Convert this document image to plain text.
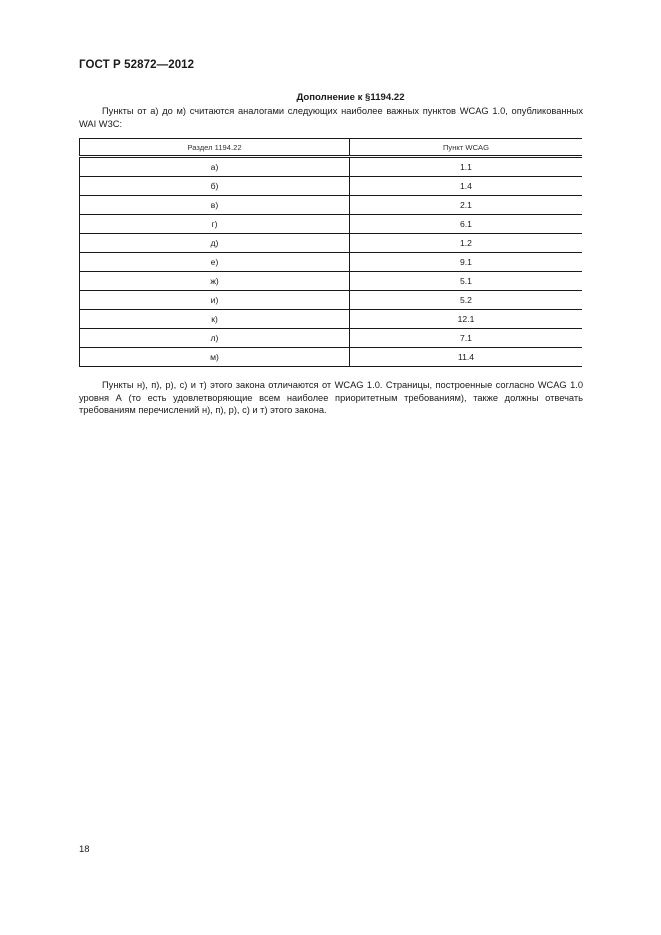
ГОСТ Р 52872—2012
Дополнение к §1194.22
Пункты от а) до м) считаются аналогами следующих наиболее важных пунктов WCAG 1.0, опубликованных WAI W3C:
Раздел 1194.22	Пункт WCAG
а)	1.1
б)	1.4
в)	2.1
г)	6.1
д)	1.2
е)	9.1
ж)	5.1
и)	5.2
к)	12.1
л)	7.1
м)	11.4
Пункты н), п), р), с) и т) этого закона отличаются от WCAG 1.0. Страницы, построенные согласно WCAG 1.0 уровня А (то есть удовлетворяющие всем наиболее приоритетным требованиям), также должны отвечать требованиям перечислений н), п), р), с) и т) этого закона.
18
